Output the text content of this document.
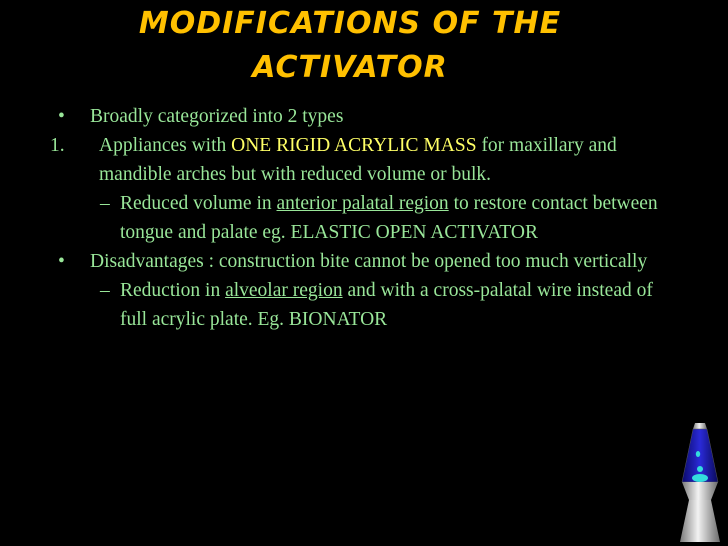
MODIFICATIONS OF THE
ACTIVATOR
• Broadly categorized into 2 types
1. Appliances with ONE RIGID ACRYLIC MASS for maxillary and mandible arches but with reduced volume or bulk.
– Reduced volume in anterior palatal region to restore contact between tongue and palate eg. ELASTIC OPEN ACTIVATOR
• Disadvantages : construction bite cannot be opened too much vertically
– Reduction in alveolar region and with a cross-palatal wire instead of full acrylic plate. Eg. BIONATOR
